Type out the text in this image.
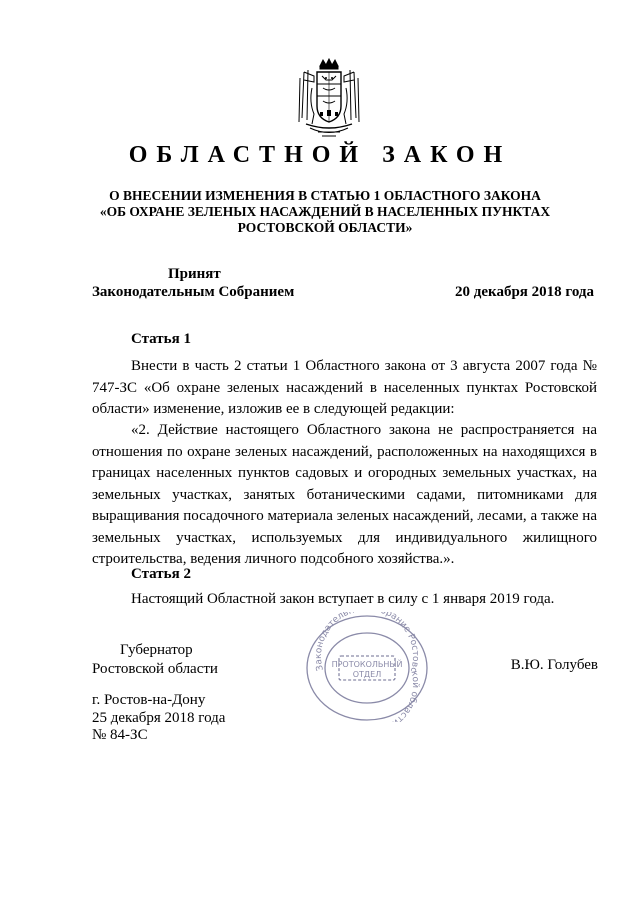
ОБЛАСТНОЙ ЗАКОН
О ВНЕСЕНИИ ИЗМЕНЕНИЯ В СТАТЬЮ 1 ОБЛАСТНОГО ЗАКОНА
«ОБ ОХРАНЕ ЗЕЛЕНЫХ НАСАЖДЕНИЙ В НАСЕЛЕННЫХ ПУНКТАХ
РОСТОВСКОЙ ОБЛАСТИ»
Принят
Законодательным Собранием	20 декабря 2018 года
Статья 1

Внести в часть 2 статьи 1 Областного закона от 3 августа 2007 года № 747-ЗС «Об охране зеленых насаждений в населенных пунктах Ростовской области» изменение, изложив ее в следующей редакции:

«2. Действие настоящего Областного закона не распространяется на отношения по охране зеленых насаждений, расположенных на находящихся в границах населенных пунктов садовых и огородных земельных участках, на земельных участках, занятых ботаническими садами, питомниками для выращивания посадочного материала зеленых насаждений, лесами, а также на земельных участках, используемых для индивидуального жилищного строительства, ведения личного подсобного хозяйства.».

Статья 2

Настоящий Областной закон вступает в силу с 1 января 2019 года.

Губернатор
Ростовской области	Законодатель рание Ростовской област
ПРОТОКОЛЬНЫЙ
ОТДЕЛ
В.Ю. Голубев
г. Ростов-на-Дону
25 декабря 2018 года
№ 84-ЗС
